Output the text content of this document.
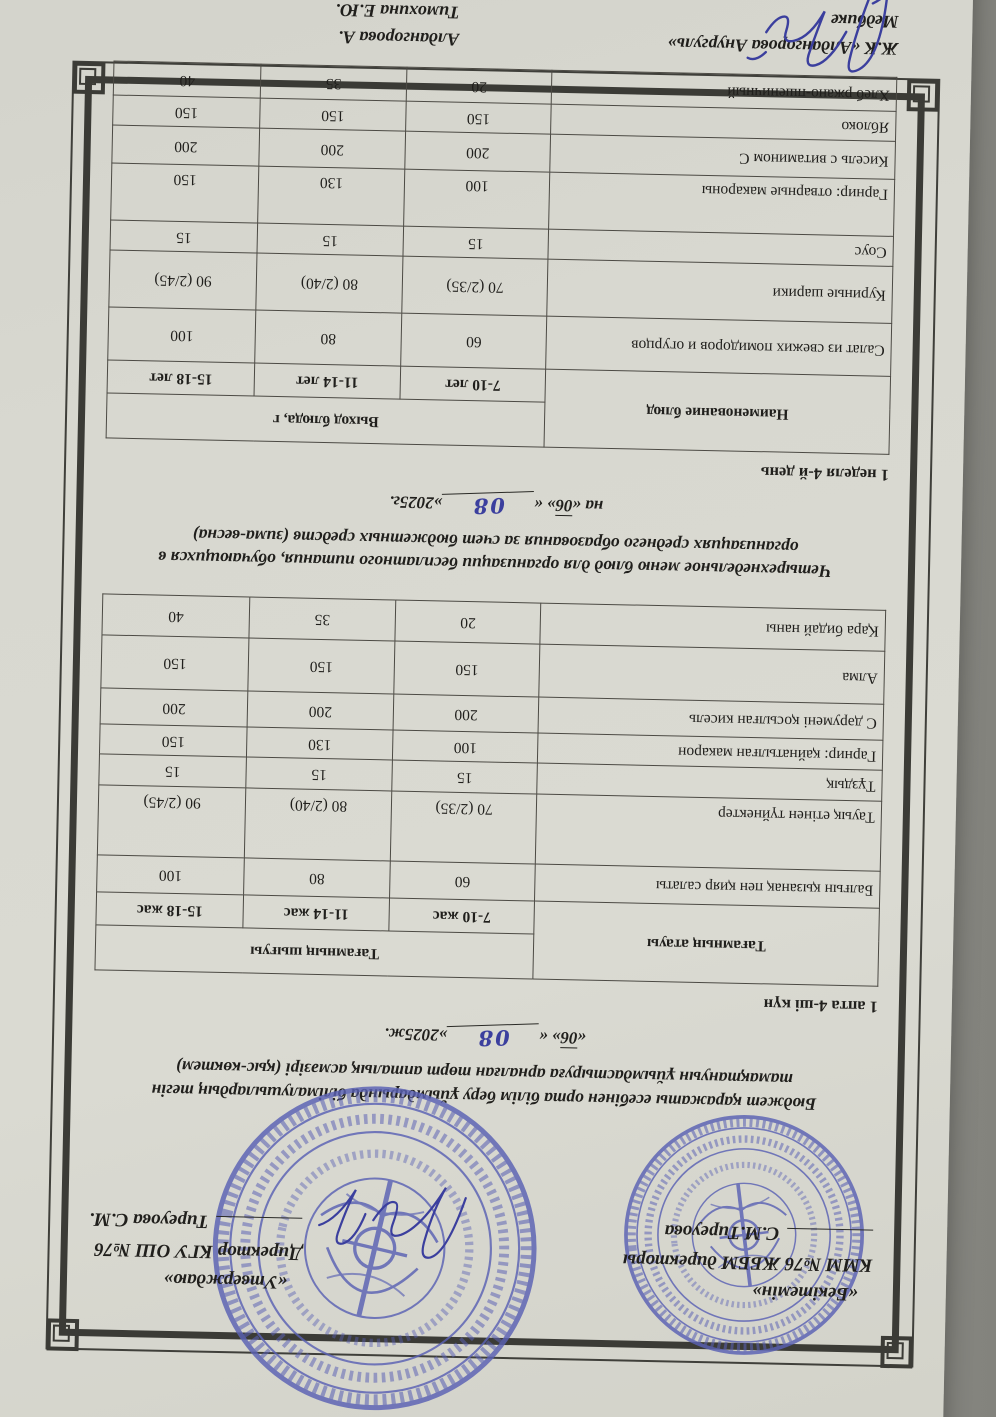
«Бекітемін»
КММ №76 ЖББМ директоры
С.М.Тиреуова
«Утверждаю»
Директор КГУ ОШ №76
Тиреуова С.М.
Бюджет қаражаты есебінен орта білім беру ұйымдарында білімалушылардың тегін тамақтануын ұйымдастыруға арналған төрт апталық асмәзірі (қыс-көктем)
«06» «08»2025ж.
1 апта 4-ші күн
Тағамның атауы	Тағамның шығуы		
	7-10 жас	11-14 жас	15-18 жас
Балғын қызанақ пен қияр салаты	60	80	100
Тауық етінен түйнектер	70 (2/35)	80 (2/40)	90 (2/45)
Тұздық	15	15	15
Гарнир: қайнатылған макарон	100	130	150
С дәрумені қосылған кисель	200	200	200
Алма	150	150	150
Қара бидай наны	20	35	40
Четырехнедельное меню блюд для организации бесплатного питания, обучающихся в организациях среднего образования за счет бюджетных средств (зима-весна)
на «06» «08»2025г.
1 неделя 4-й день
Наименование блюд	Выход блюда, г		
	7-10 лет	11-14 лет	15-18 лет
Салат из свежих помидоров и огурцов	60	80	100
Куриные шарики	70 (2/35)	80 (2/40)	90 (2/45)
Соус	15	15	15
Гарнир: отварные макароны	100	130	150
Кисель с витамином С	200	200	200
Яблоко	150	150	150
Хлеб ржано-пшеничный	20	35	40
Ж.К «Алдангорова Анургуль»
Алдангорова А.
Медбике
Тимохина Е.Ю.
